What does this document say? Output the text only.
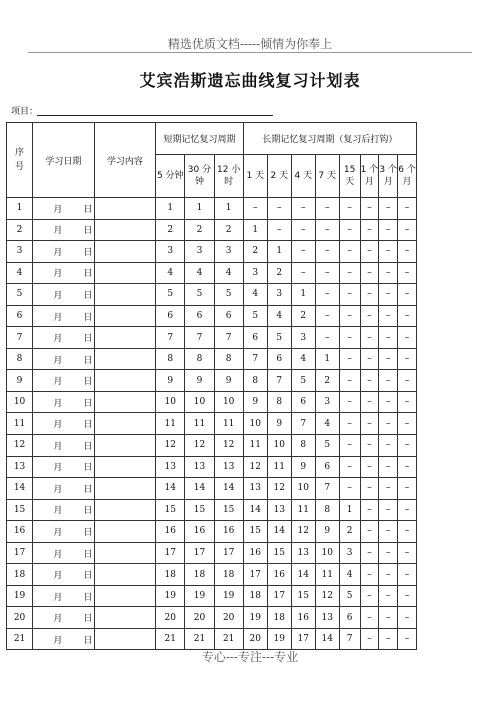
精选优质文档-----倾情为你奉上
艾宾浩斯遗忘曲线复习计划表
项目：
序号	学习日期	学习内容	短期记忆复习周期			长期记忆复习周期（复习后打钩）							
			5 分钟	30 分钟	12 小时	1 天	2 天	4 天	7 天	15 天	1 个月	3 个月	6 个月
1	月 日		1	1	1	–	–	–	–	–	–	–	–
2	月 日		2	2	2	1	–	–	–	–	–	–	–
3	月 日		3	3	3	2	1	–	–	–	–	–	–
4	月 日		4	4	4	3	2	–	–	–	–	–	–
5	月 日		5	5	5	4	3	1	–	–	–	–	–
6	月 日		6	6	6	5	4	2	–	–	–	–	–
7	月 日		7	7	7	6	5	3	–	–	–	–	–
8	月 日		8	8	8	7	6	4	1	–	–	–	–
9	月 日		9	9	9	8	7	5	2	–	–	–	–
10	月 日		10	10	10	9	8	6	3	–	–	–	–
11	月 日		11	11	11	10	9	7	4	–	–	–	–
12	月 日		12	12	12	11	10	8	5	–	–	–	–
13	月 日		13	13	13	12	11	9	6	–	–	–	–
14	月 日		14	14	14	13	12	10	7	–	–	–	–
15	月 日		15	15	15	14	13	11	8	1	–	–	–
16	月 日		16	16	16	15	14	12	9	2	–	–	–
17	月 日		17	17	17	16	15	13	10	3	–	–	–
18	月 日		18	18	18	17	16	14	11	4	–	–	–
19	月 日		19	19	19	18	17	15	12	5	–	–	–
20	月 日		20	20	20	19	18	16	13	6	–	–	–
21	月 日		21	21	21	20	19	17	14	7	–	–	–
专心---专注---专业
